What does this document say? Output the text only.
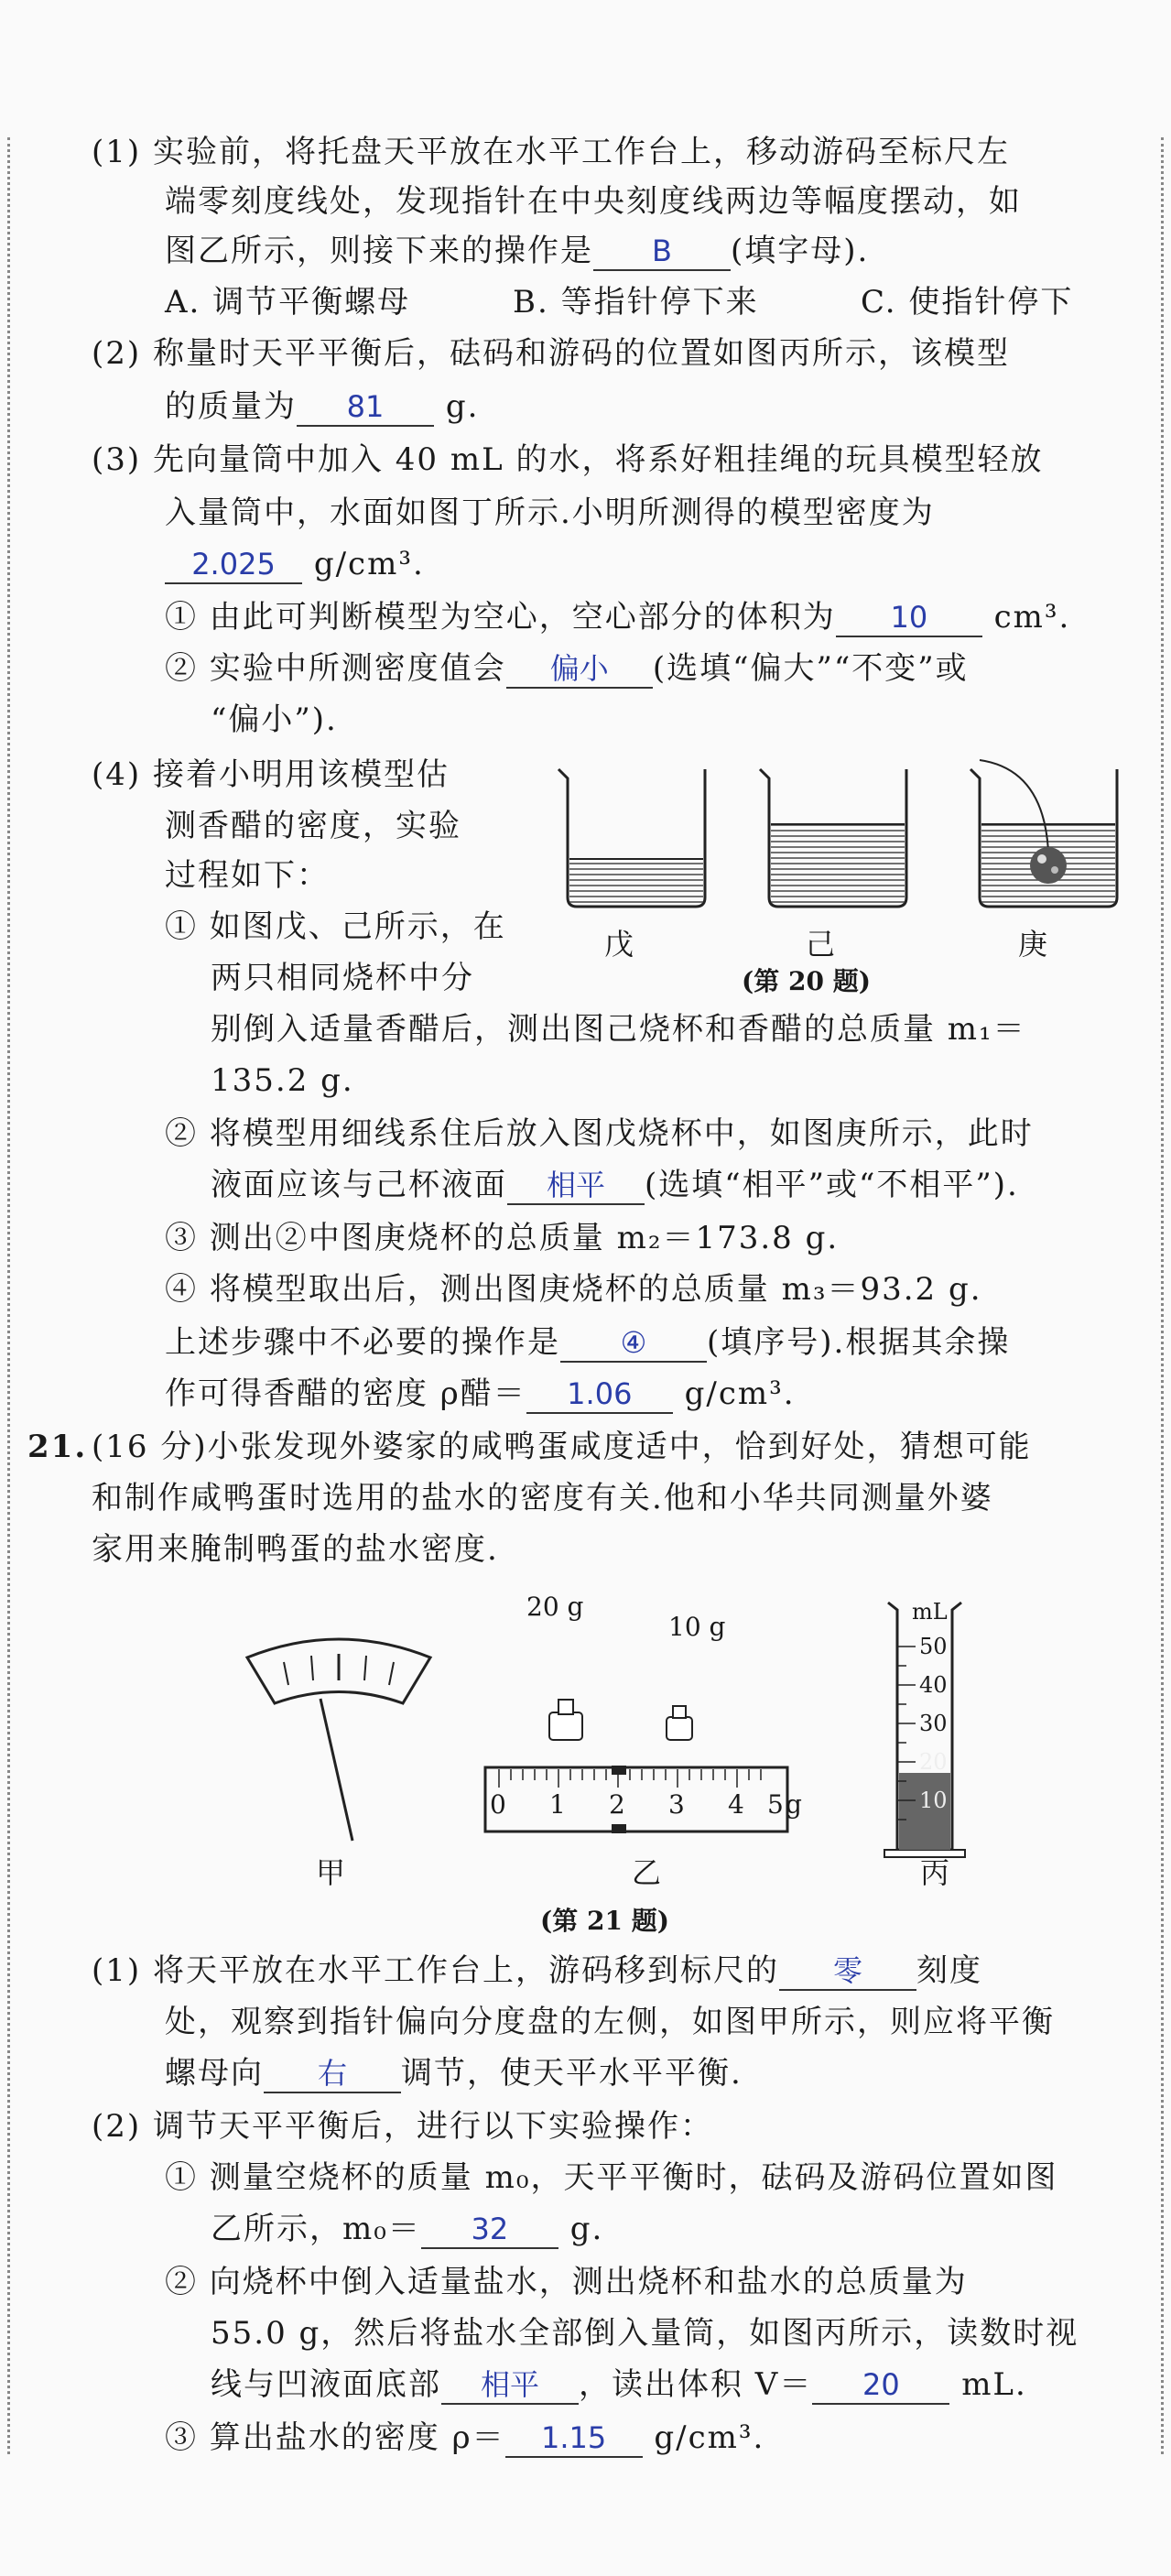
(1) 实验前，将托盘天平放在水平工作台上，移动游码至标尺左
端零刻度线处，发现指针在中央刻度线两边等幅度摆动，如
图乙所示，则接下来的操作是 B (填字母).
A. 调节平衡螺母	B. 等指针停下来	C. 使指针停下
(2) 称量时天平平衡后，砝码和游码的位置如图丙所示，该模型
的质量为 81 g.
(3) 先向量筒中加入 40 mL 的水，将系好粗挂绳的玩具模型轻放
入量筒中，水面如图丁所示.小明所测得的模型密度为
2.025 g/cm³.
① 由此可判断模型为空心，空心部分的体积为 10 cm³.
② 实验中所测密度值会 偏小 (选填“偏大”“不变”或
“偏小”).
(4) 接着小明用该模型估
测香醋的密度，实验
过程如下：
① 如图戊、己所示，在
两只相同烧杯中分
戊	己	庚
(第 20 题)
别倒入适量香醋后，测出图己烧杯和香醋的总质量 m₁＝
135.2 g.
② 将模型用细线系住后放入图戊烧杯中，如图庚所示，此时
液面应该与己杯液面 相平 (选填“相平”或“不相平”).
③ 测出②中图庚烧杯的总质量 m₂＝173.8 g.
④ 将模型取出后，测出图庚烧杯的总质量 m₃＝93.2 g.
上述步骤中不必要的操作是 ④ (填序号).根据其余操
作可得香醋的密度 ρ醋＝ 1.06 g/cm³.
21. (16 分)小张发现外婆家的咸鸭蛋咸度适中，恰到好处，猜想可能
和制作咸鸭蛋时选用的盐水的密度有关.他和小华共同测量外婆
家用来腌制鸭蛋的盐水密度.
20 g
10 g
0 1 2 3 4 5 g
mL
50
40
30
20
10
甲	乙	丙
(第 21 题)
(1) 将天平放在水平工作台上，游码移到标尺的 零 刻度
处，观察到指针偏向分度盘的左侧，如图甲所示，则应将平衡
螺母向 右 调节，使天平水平平衡.
(2) 调节天平平衡后，进行以下实验操作：
① 测量空烧杯的质量 m₀，天平平衡时，砝码及游码位置如图
乙所示，m₀＝ 32 g.
② 向烧杯中倒入适量盐水，测出烧杯和盐水的总质量为
55.0 g，然后将盐水全部倒入量筒，如图丙所示，读数时视
线与凹液面底部 相平 ，读出体积 V＝ 20 mL.
③ 算出盐水的密度 ρ＝ 1.15 g/cm³.
